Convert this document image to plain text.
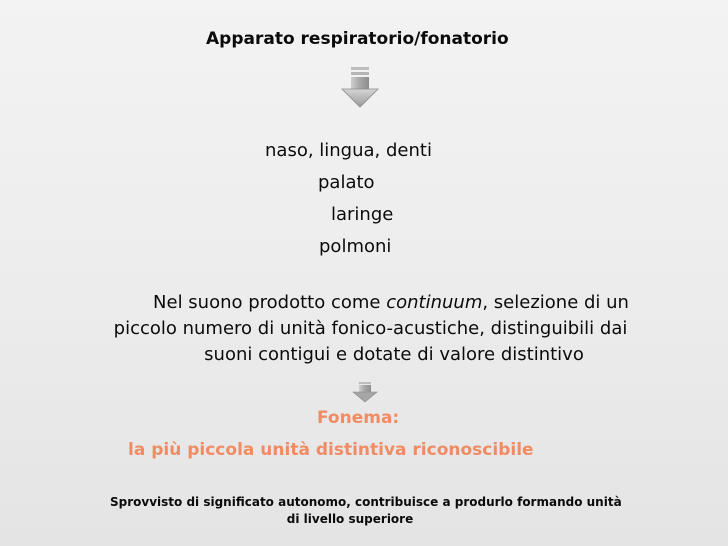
Apparato respiratorio/fonatorio
naso, lingua, denti
palato
laringe
polmoni
Nel suono prodotto come continuum, selezione di un
piccolo numero di unità fonico-acustiche, distinguibili dai
suoni contigui e dotate di valore distintivo
Fonema:
la più piccola unità distintiva riconoscibile
Sprovvisto di significato autonomo, contribuisce a produrlo formando unità
di livello superiore
